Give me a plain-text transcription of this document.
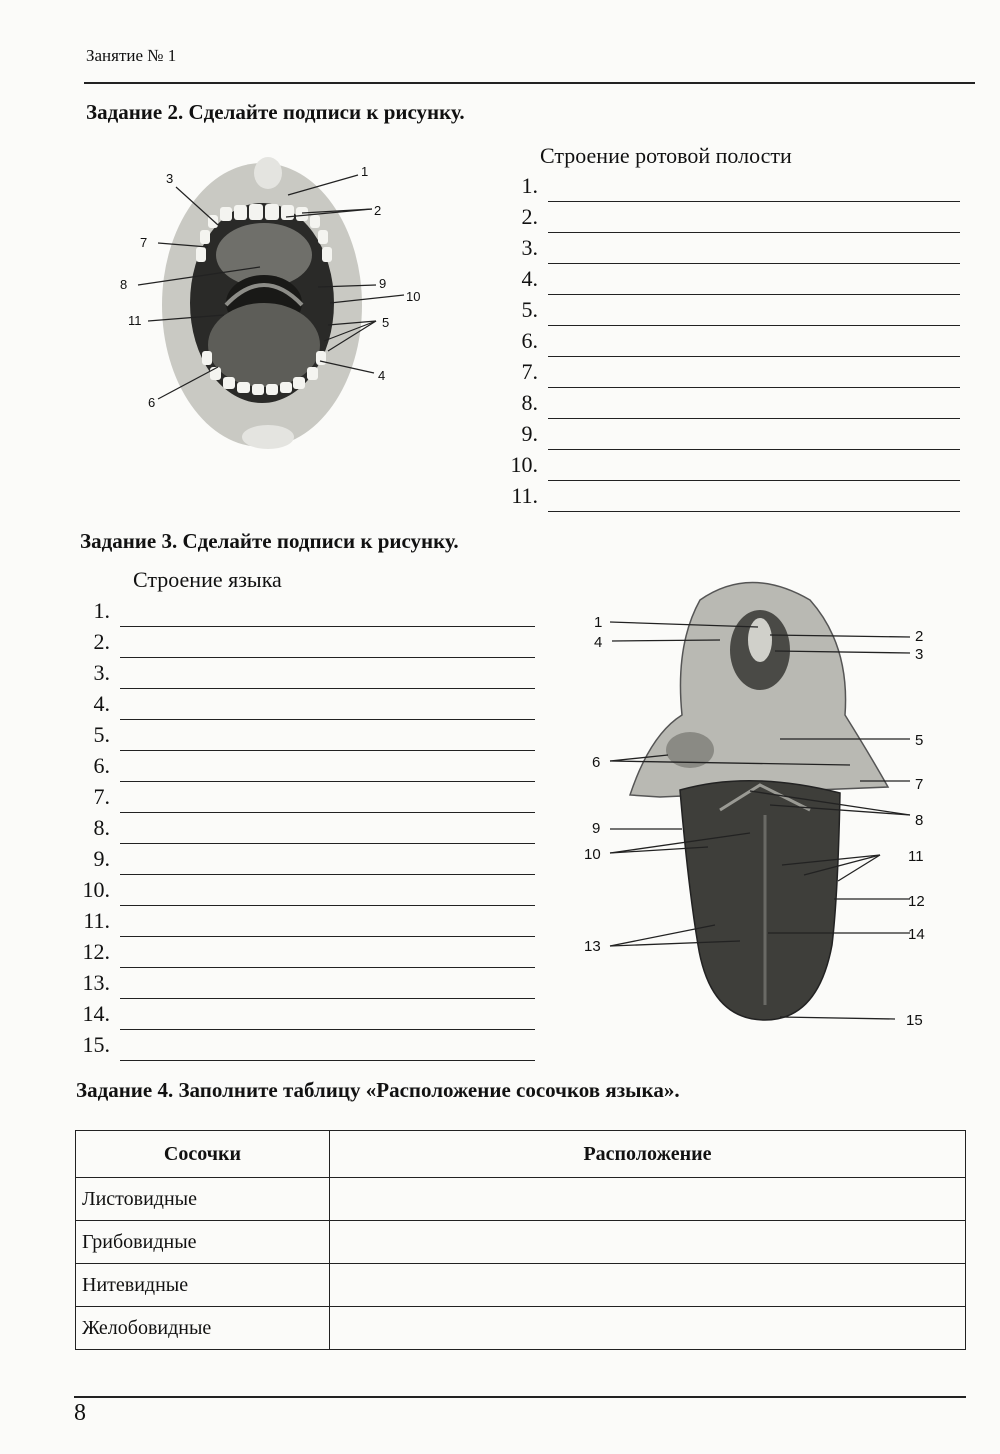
Занятие № 1
Задание 2. Сделайте подписи к рисунку.
Строение ротовой полости
1
2
3
4
5
6
7
8	9
10
11
1.
2.
3.
4.
5.
6.
7.
8.
9.
10.
11.
Задание 3. Сделайте подписи к рисунку.
Строение языка
1.
2.
3.
4.
5.
6.
7.
8.
9.
10.
11.
12.
13.
14.
15.
1
2
3
4
5
6
7
8
9
10	11
12
13
14
15
Задание 4. Заполните таблицу «Расположение сосочков языка».
Сосочки	Расположение
Листовидные	
Грибовидные	
Нитевидные	
Желобовидные	
8
